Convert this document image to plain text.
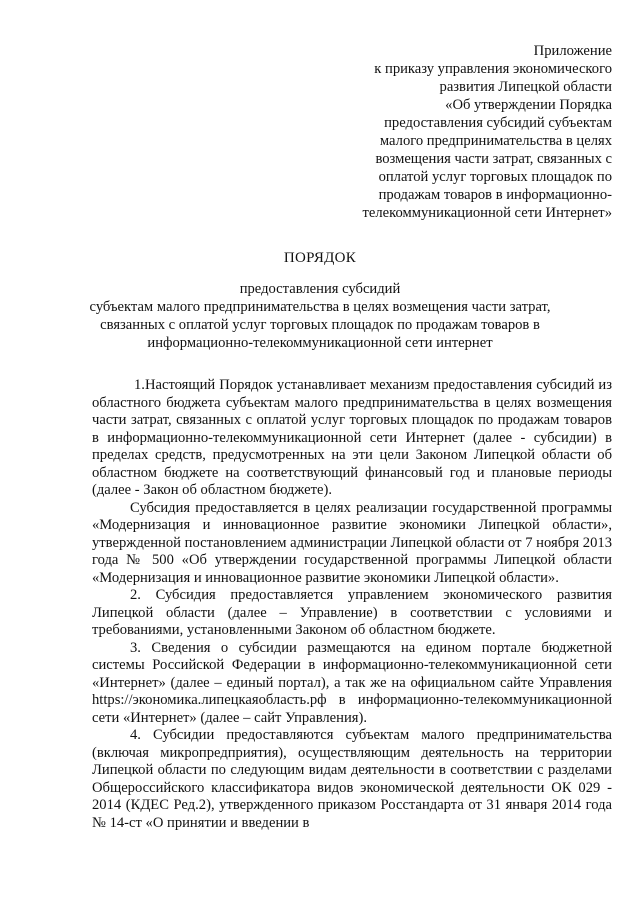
Приложение
к приказу управления экономического
развития Липецкой области
«Об утверждении Порядка
предоставления субсидий субъектам
малого предпринимательства в целях
возмещения части затрат, связанных с
оплатой услуг торговых площадок по
продажам товаров в информационно-
телекоммуникационной сети Интернет»
ПОРЯДОК
предоставления субсидий
субъектам малого предпринимательства в целях возмещения части затрат,
связанных с оплатой услуг торговых площадок по продажам товаров в
информационно-телекоммуникационной сети интернет

1.Настоящий Порядок устанавливает механизм предоставления субсидий из областного бюджета субъектам малого предпринимательства в целях возмещения части затрат, связанных с оплатой услуг торговых площадок по продажам товаров в информационно-телекоммуникационной сети Интернет (далее - субсидии) в пределах средств, предусмотренных на эти цели Законом Липецкой области об областном бюджете на соответствующий финансовый год и плановые периоды (далее - Закон об областном бюджете).

Субсидия предоставляется в целях реализации государственной программы «Модернизация и инновационное развитие экономики Липецкой области», утвержденной постановлением администрации Липецкой области от 7 ноября 2013 года № 500 «Об утверждении государственной программы Липецкой области «Модернизация и инновационное развитие экономики Липецкой области».

2. Субсидия предоставляется управлением экономического развития Липецкой области (далее – Управление) в соответствии с условиями и требованиями, установленными Законом об областном бюджете.

3. Сведения о субсидии размещаются на едином портале бюджетной системы Российской Федерации в информационно-телекоммуникационной сети «Интернет» (далее – единый портал), а так же на официальном сайте Управления https://экономика.липецкаяобласть.рф в информационно-телекоммуникационной сети «Интернет» (далее – сайт Управления).

4. Субсидии предоставляются субъектам малого предпринимательства (включая микропредприятия), осуществляющим деятельность на территории Липецкой области по следующим видам деятельности в соответствии с разделами Общероссийского классификатора видов экономической деятельности ОК 029 - 2014 (КДЕС Ред.2), утвержденного приказом Росстандарта от 31 января 2014 года № 14-ст «О принятии и введении в
